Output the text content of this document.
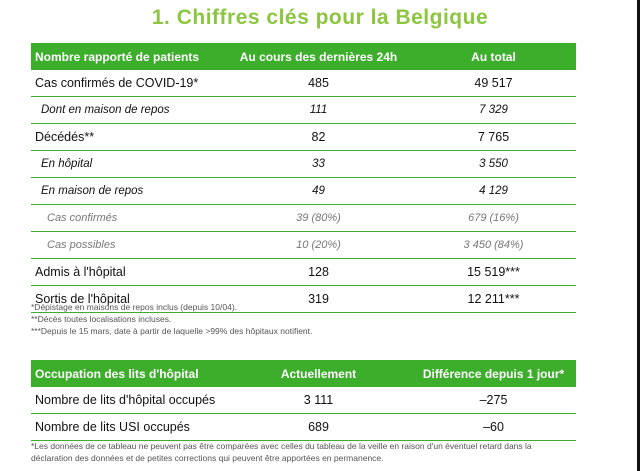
1. Chiffres clés pour la Belgique
Nombre rapporté de patients	Au cours des dernières 24h	Au total
Cas confirmés de COVID-19*	485	49 517
Dont en maison de repos	111	7 329
Décédés**	82	7 765
En hôpital	33	3 550
En maison de repos	49	4 129
Cas confirmés	39 (80%)	679 (16%)
Cas possibles	10 (20%)	3 450 (84%)
Admis à l'hôpital	128	15 519***
Sortis de l'hôpital	319	12 211***
*Dépistage en maisons de repos inclus (depuis 10/04).
**Décès toutes localisations incluses.
***Depuis le 15 mars, date à partir de laquelle >99% des hôpitaux notifient.
Occupation des lits d'hôpital	Actuellement	Différence depuis 1 jour*
Nombre de lits d'hôpital occupés	3 111	–275
Nombre de lits USI occupés	689	–60
*Les données de ce tableau ne peuvent pas être comparées avec celles du tableau de la veille en raison d'un éventuel retard dans la
déclaration des données et de petites corrections qui peuvent être apportées en permanence.
